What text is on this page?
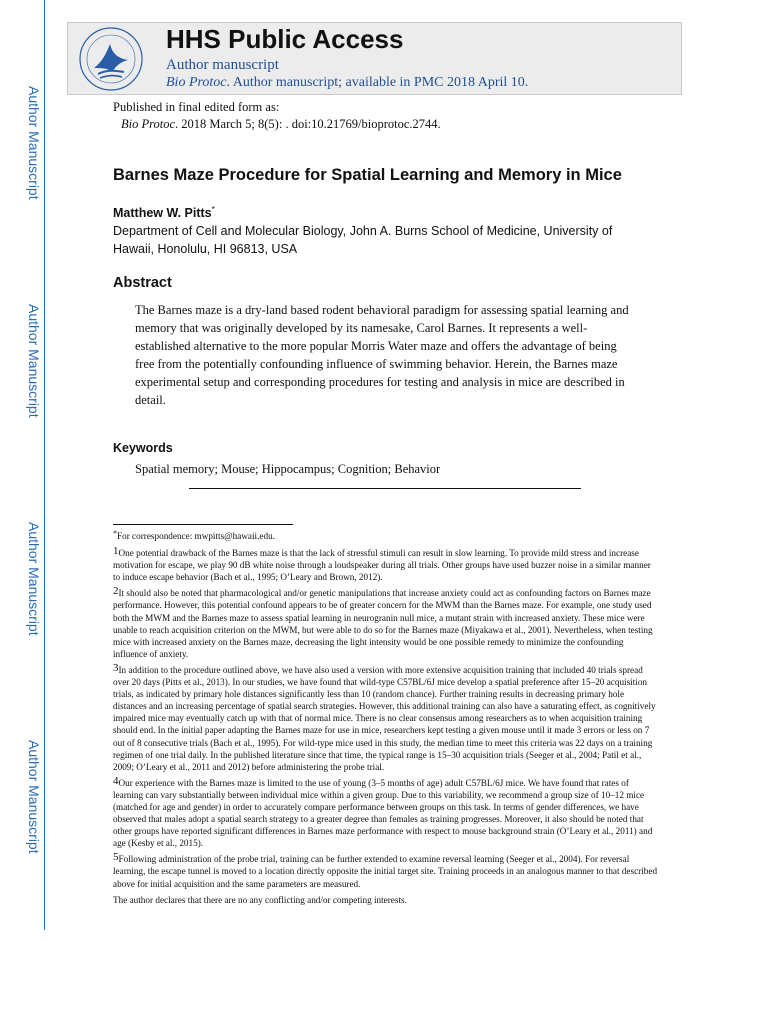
Author Manuscript
Author Manuscript
Author Manuscript
Author Manuscript
HHS Public Access
Author manuscript
Bio Protoc. Author manuscript; available in PMC 2018 April 10.
Published in final edited form as:
Bio Protoc. 2018 March 5; 8(5): . doi:10.21769/bioprotoc.2744.
Barnes Maze Procedure for Spatial Learning and Memory in Mice
Matthew W. Pitts*
Department of Cell and Molecular Biology, John A. Burns School of Medicine, University of Hawaii, Honolulu, HI 96813, USA
Abstract
The Barnes maze is a dry-land based rodent behavioral paradigm for assessing spatial learning and memory that was originally developed by its namesake, Carol Barnes. It represents a well-established alternative to the more popular Morris Water maze and offers the advantage of being free from the potentially confounding influence of swimming behavior. Herein, the Barnes maze experimental setup and corresponding procedures for testing and analysis in mice are described in detail.
Keywords
Spatial memory; Mouse; Hippocampus; Cognition; Behavior
*For correspondence: mwpitts@hawaii.edu.
1One potential drawback of the Barnes maze is that the lack of stressful stimuli can result in slow learning. To provide mild stress and increase motivation for escape, we play 90 dB white noise through a loudspeaker during all trials. Other groups have used buzzer noise in a similar manner to induce escape behavior (Bach et al., 1995; O’Leary and Brown, 2012).
2It should also be noted that pharmacological and/or genetic manipulations that increase anxiety could act as confounding factors on Barnes maze performance. However, this potential confound appears to be of greater concern for the MWM than the Barnes maze. For example, one study used both the MWM and the Barnes maze to assess spatial learning in neurogranin null mice, a mutant strain with increased anxiety. These mice were unable to reach acquisition criterion on the MWM, but were able to do so for the Barnes maze (Miyakawa et al., 2001). Nevertheless, when testing mice with increased anxiety on the Barnes maze, decreasing the light intensity would be one possible remedy to minimize the confounding influence of anxiety.
3In addition to the procedure outlined above, we have also used a version with more extensive acquisition training that included 40 trials spread over 20 days (Pitts et al., 2013). In our studies, we have found that wild-type C57BL/6J mice develop a spatial preference after 15–20 acquisition trials, as indicated by primary hole distances significantly less than 10 (random chance). Further training results in decreasing primary hole distances and an increasing percentage of spatial search strategies. However, this additional training can also have a saturating effect, as cognitively impaired mice may eventually catch up with that of normal mice. There is no clear consensus among researchers as to when acquisition training should end. In the initial paper adapting the Barnes maze for use in mice, researchers kept testing a given mouse until it made 3 errors or less on 7 out of 8 consecutive trials (Bach et al., 1995). For wild-type mice used in this study, the median time to meet this criteria was 22 days on a training regimen of one trial daily. In the published literature since that time, the typical range is 15–30 acquisition trials (Seeger et al., 2004; Patil et al., 2009; O’Leary et al., 2011 and 2012) before administering the probe trial.
4Our experience with the Barnes maze is limited to the use of young (3–5 months of age) adult C57BL/6J mice. We have found that rates of learning can vary substantially between individual mice within a given group. Due to this variability, we recommend a group size of 10–12 mice (matched for age and gender) in order to accurately compare performance between groups on this task. In terms of gender differences, we have observed that males adopt a spatial search strategy to a greater degree than females as training progresses. Moreover, it also should be noted that other groups have reported significant differences in Barnes maze performance with respect to mouse background strain (O’Leary et al., 2011) and age (Kesby et al., 2015).
5Following administration of the probe trial, training can be further extended to examine reversal learning (Seeger et al., 2004). For reversal learning, the escape tunnel is moved to a location directly opposite the initial target site. Training proceeds in an analogous manner to that described above for initial acquisition and the same parameters are measured.
The author declares that there are no any conflicting and/or competing interests.
